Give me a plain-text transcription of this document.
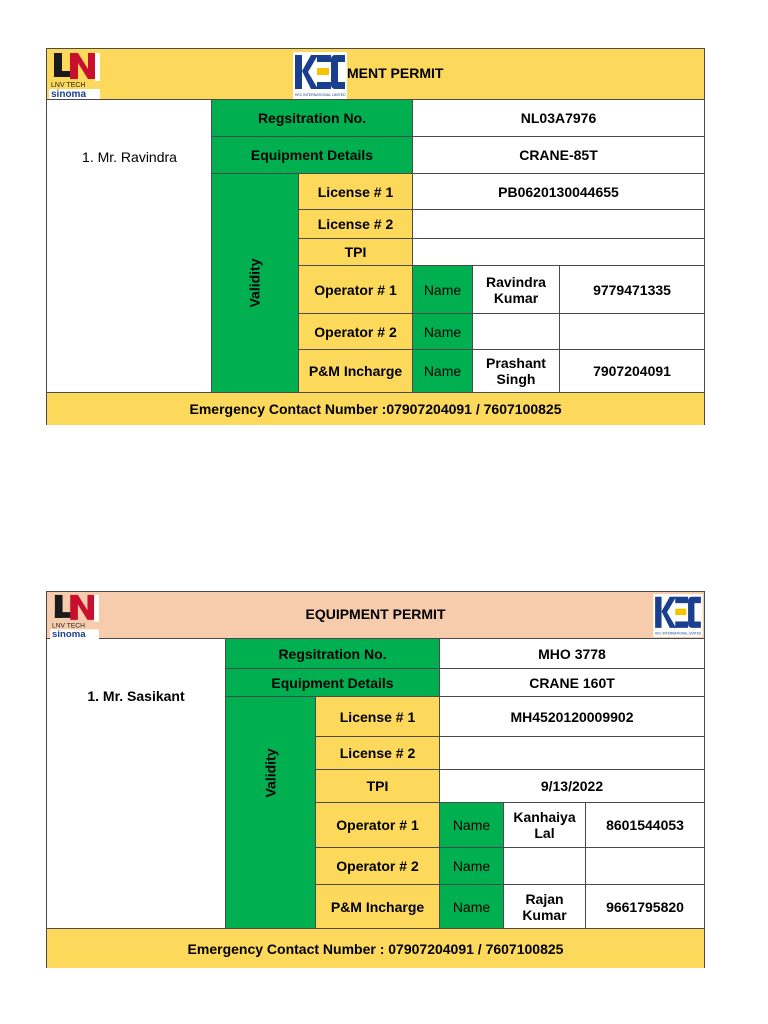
LNV TECH
sinoma	KEC INTERNATIONAL LIMITED
MENT PERMIT
1. Mr. Ravindra
Regsitration No.	NL03A7976
Equipment Details	CRANE-85T
Validity
License # 1	PB0620130044655
License # 2
TPI
Operator # 1	Name	Ravindra Kumar	9779471335
Operator # 2	Name
P&M Incharge	Name	Prashant Singh	7907204091
Emergency Contact Number :07907204091 / 7607100825
LNV TECH
sinoma
EQUIPMENT PERMIT
KEC INTERNATIONAL LIMITED
1. Mr. Sasikant
Regsitration No.	MHO 3778
Equipment Details	CRANE 160T
Validity
License # 1	MH4520120009902
License # 2
TPI	9/13/2022
Operator # 1	Name	Kanhaiya Lal	8601544053
Operator # 2	Name
P&M Incharge	Name	Rajan Kumar	9661795820
Emergency Contact Number : 07907204091 / 7607100825
